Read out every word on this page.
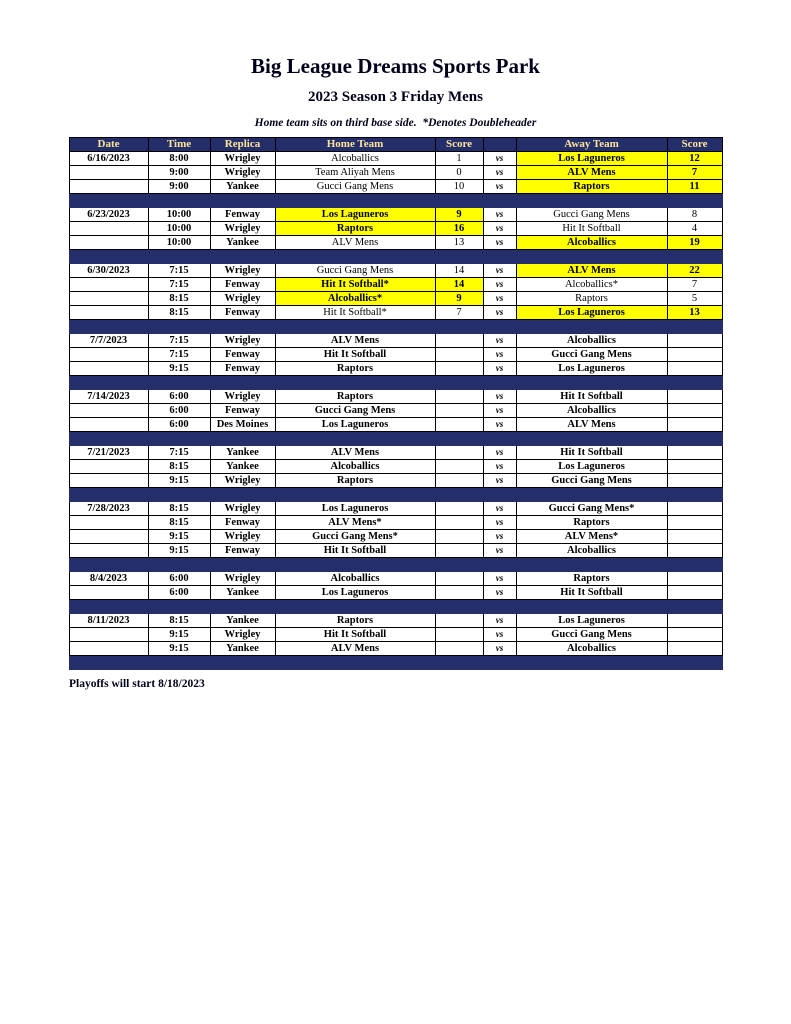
Big League Dreams Sports Park
2023 Season 3 Friday Mens
Home team sits on third base side.  *Denotes Doubleheader
Date	Time	Replica	Home Team	Score		Away Team	Score
6/16/2023	8:00	Wrigley	Alcoballics	1	vs	Los Laguneros	12
	9:00	Wrigley	Team Aliyah Mens	0	vs	ALV Mens	7
	9:00	Yankee	Gucci Gang Mens	10	vs	Raptors	11

6/23/2023	10:00	Fenway	Los Laguneros	9	vs	Gucci Gang Mens	8
	10:00	Wrigley	Raptors	16	vs	Hit It Softball	4
	10:00	Yankee	ALV Mens	13	vs	Alcoballics	19

6/30/2023	7:15	Wrigley	Gucci Gang Mens	14	vs	ALV Mens	22
	7:15	Fenway	Hit It Softball*	14	vs	Alcoballics*	7
	8:15	Wrigley	Alcoballics*	9	vs	Raptors	5
	8:15	Fenway	Hit It Softball*	7	vs	Los Laguneros	13

7/7/2023	7:15	Wrigley	ALV Mens		vs	Alcoballics	
	7:15	Fenway	Hit It Softball		vs	Gucci Gang Mens	
	9:15	Fenway	Raptors		vs	Los Laguneros	

7/14/2023	6:00	Wrigley	Raptors		vs	Hit It Softball	
	6:00	Fenway	Gucci Gang Mens		vs	Alcoballics	
	6:00	Des Moines	Los Laguneros		vs	ALV Mens	

7/21/2023	7:15	Yankee	ALV Mens		vs	Hit It Softball	
	8:15	Yankee	Alcoballics		vs	Los Laguneros	
	9:15	Wrigley	Raptors		vs	Gucci Gang Mens	

7/28/2023	8:15	Wrigley	Los Laguneros		vs	Gucci Gang Mens*	
	8:15	Fenway	ALV Mens*		vs	Raptors	
	9:15	Wrigley	Gucci Gang Mens*		vs	ALV Mens*	
	9:15	Fenway	Hit It Softball		vs	Alcoballics	

8/4/2023	6:00	Wrigley	Alcoballics		vs	Raptors	
	6:00	Yankee	Los Laguneros		vs	Hit It Softball	

8/11/2023	8:15	Yankee	Raptors		vs	Los Laguneros	
	9:15	Wrigley	Hit It Softball		vs	Gucci Gang Mens	
	9:15	Yankee	ALV Mens		vs	Alcoballics	

Playoffs will start 8/18/2023
